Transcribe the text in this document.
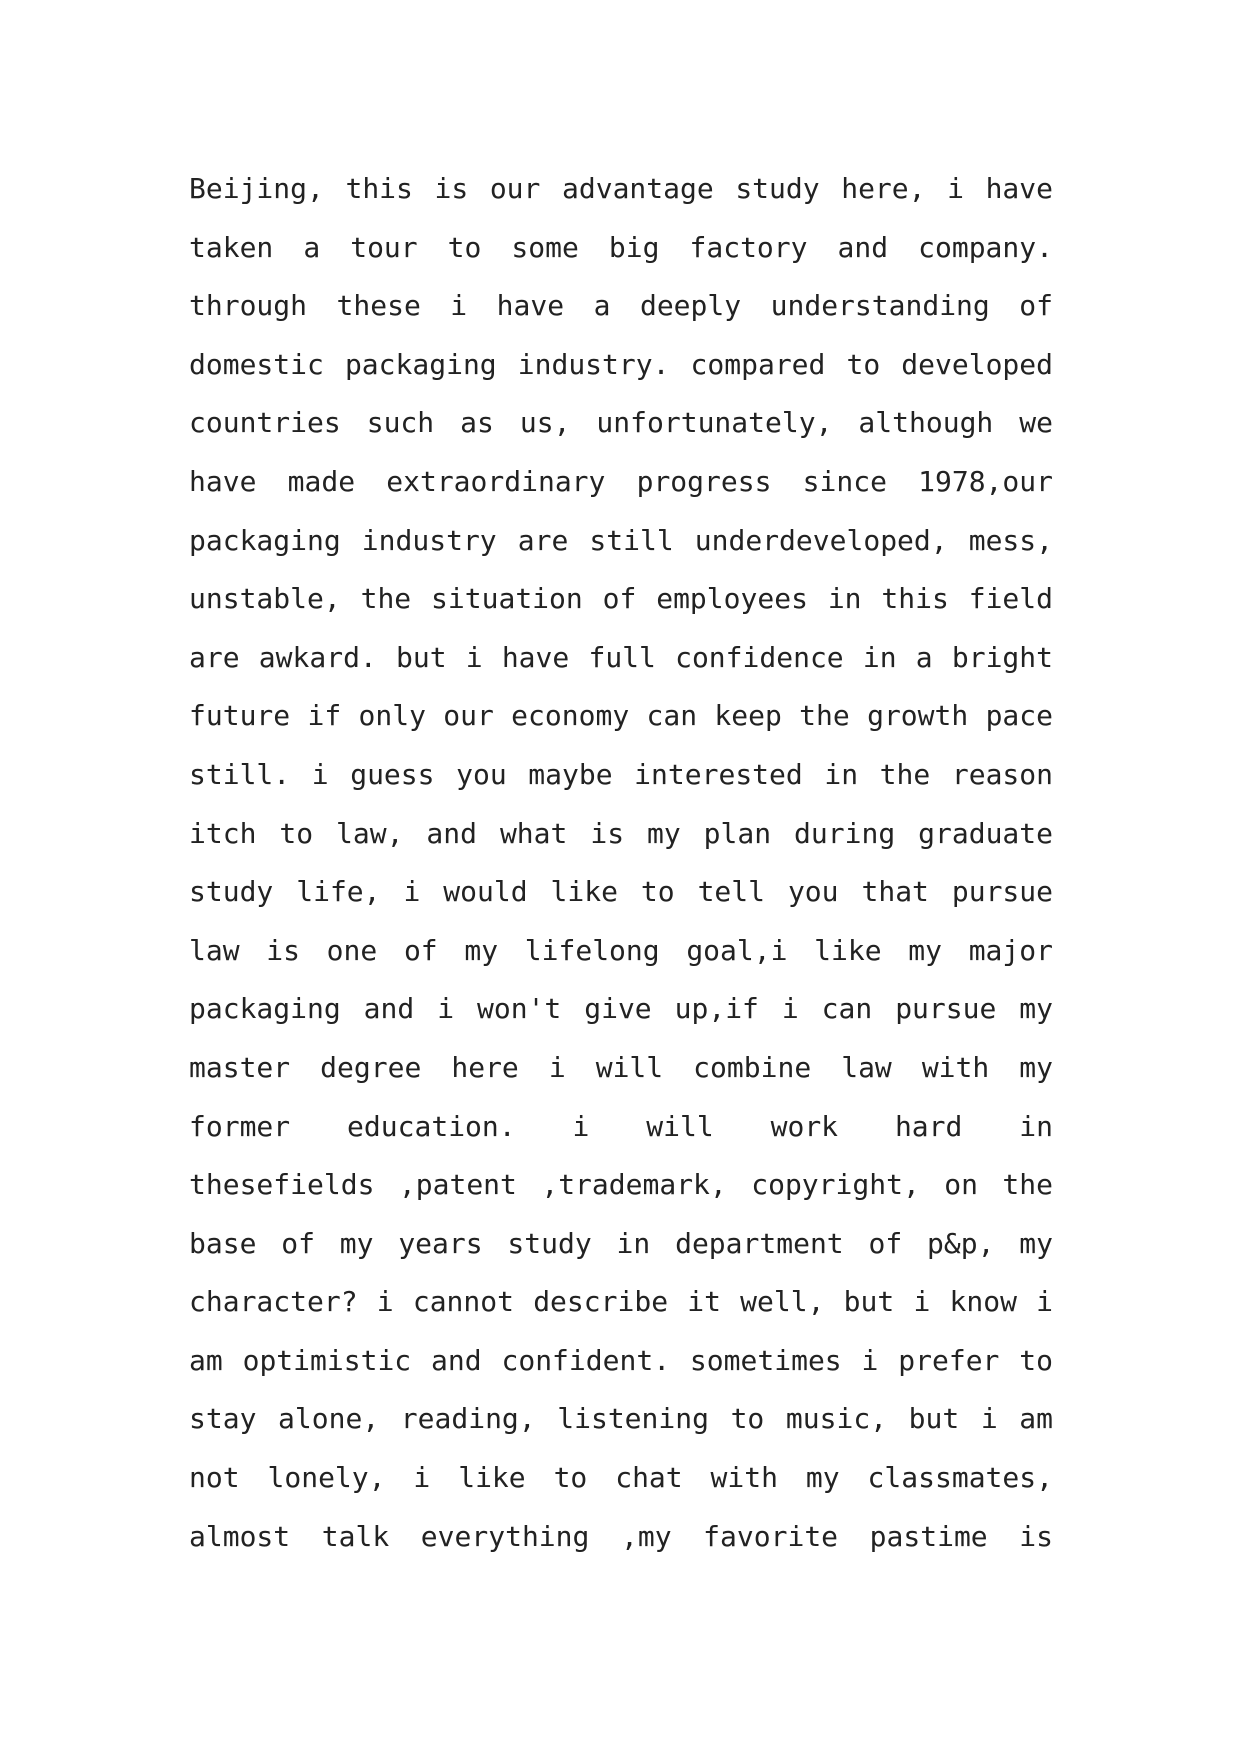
Beijing, this is our advantage study here, i have
taken a tour to some big factory and company.
through these i have a deeply understanding of
domestic packaging industry. compared to developed
countries such as us, unfortunately, although we
have made extraordinary progress since 1978,our
packaging industry are still underdeveloped, mess,
unstable, the situation of employees in this field
are awkard. but i have full confidence in a bright
future if only our economy can keep the growth pace
still. i guess you maybe interested in the reason
itch to law, and what is my plan during graduate
study life, i would like to tell you that pursue
law is one of my lifelong goal,i like my major
packaging and i won't give up,if i can pursue my
master degree here i will combine law with my
former education. i will work hard in
thesefields ,patent ,trademark, copyright, on the
base of my years study in department of p&p, my
character? i cannot describe it well, but i know i
am optimistic and confident. sometimes i prefer to
stay alone, reading, listening to music, but i am
not lonely, i like to chat with my classmates,
almost talk everything ,my favorite pastime is
